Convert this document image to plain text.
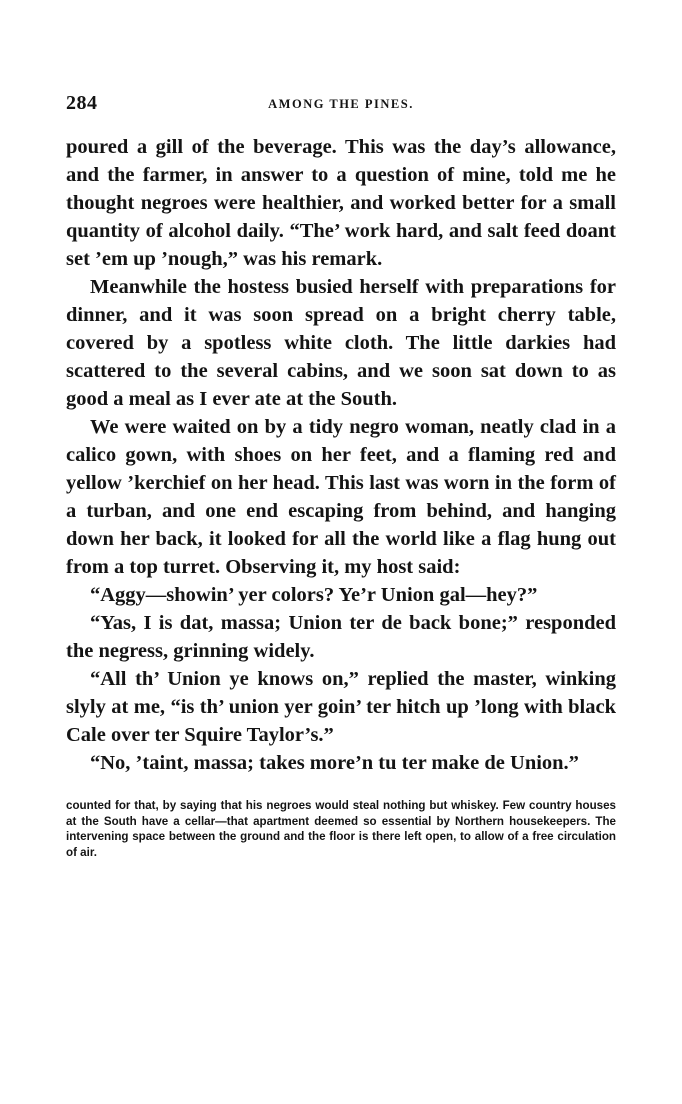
284	AMONG THE PINES.

poured a gill of the beverage. This was the day’s allowance, and the farmer, in answer to a question of mine, told me he thought negroes were healthier, and worked better for a small quantity of alcohol daily. “The’ work hard, and salt feed doant set ’em up ’nough,” was his remark.

Meanwhile the hostess busied herself with preparations for dinner, and it was soon spread on a bright cherry table, covered by a spotless white cloth. The little darkies had scattered to the several cabins, and we soon sat down to as good a meal as I ever ate at the South.

We were waited on by a tidy negro woman, neatly clad in a calico gown, with shoes on her feet, and a flaming red and yellow ’kerchief on her head. This last was worn in the form of a turban, and one end escaping from behind, and hanging down her back, it looked for all the world like a flag hung out from a top turret. Observing it, my host said:

“Aggy—showin’ yer colors? Ye’r Union gal—hey?”

“Yas, I is dat, massa; Union ter de back bone;” responded the negress, grinning widely.

“All th’ Union ye knows on,” replied the master, winking slyly at me, “is th’ union yer goin’ ter hitch up ’long with black Cale over ter Squire Taylor’s.”

“No, ’taint, massa; takes more’n tu ter make de Union.”

counted for that, by saying that his negroes would steal nothing but whiskey. Few country houses at the South have a cellar—that apartment deemed so essential by Northern housekeepers. The intervening space between the ground and the floor is there left open, to allow of a free circulation of air.
